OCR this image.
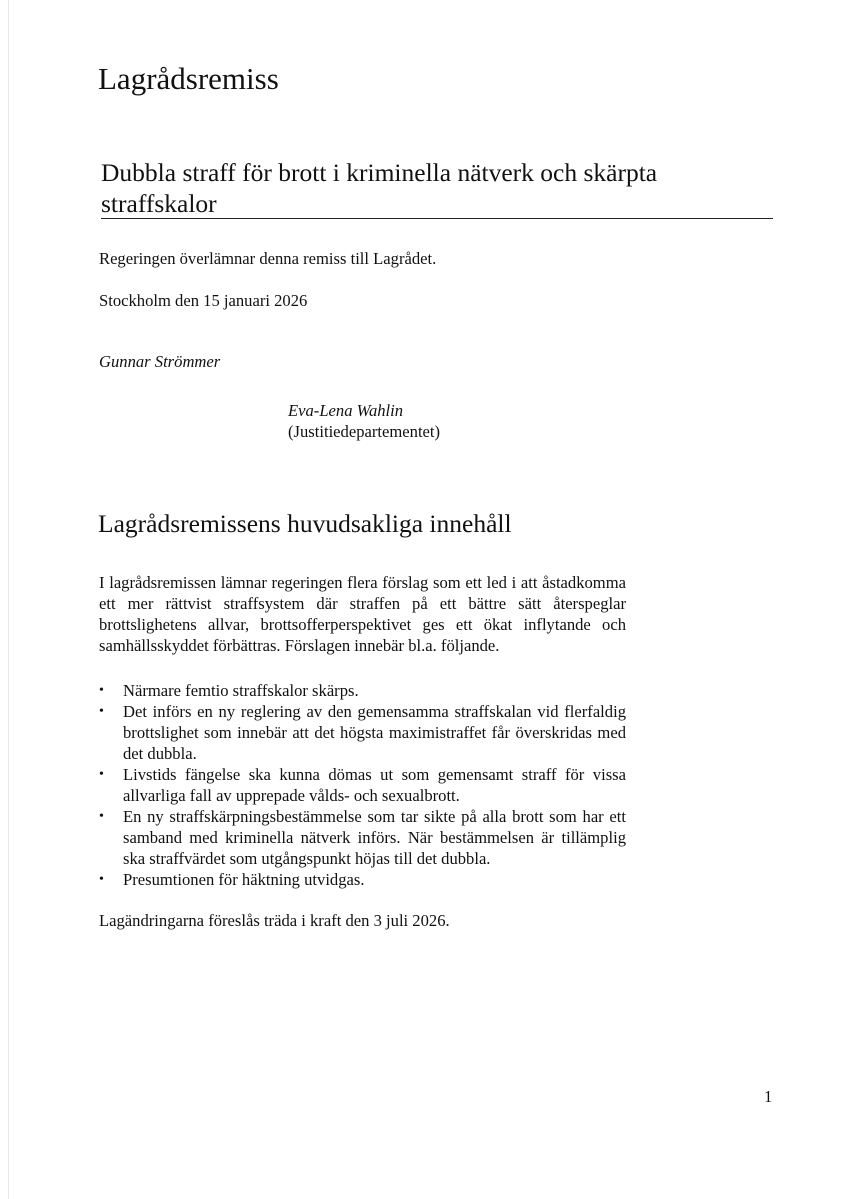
Lagrådsremiss
Dubbla straff för brott i kriminella nätverk och skärpta straffskalor
Regeringen överlämnar denna remiss till Lagrådet.
Stockholm den 15 januari 2026
Gunnar Strömmer
Eva-Lena Wahlin
(Justitiedepartementet)
Lagrådsremissens huvudsakliga innehåll
I lagrådsremissen lämnar regeringen flera förslag som ett led i att åstadkomma ett mer rättvist straffsystem där straffen på ett bättre sätt återspeglar brottslighetens allvar, brottsofferperspektivet ges ett ökat inflytande och samhällsskyddet förbättras. Förslagen innebär bl.a. följande.
•	Närmare femtio straffskalor skärps.
•	Det införs en ny reglering av den gemensamma straffskalan vid flerfaldig brottslighet som innebär att det högsta maximistraffet får överskridas med det dubbla.
•	Livstids fängelse ska kunna dömas ut som gemensamt straff för vissa allvarliga fall av upprepade vålds- och sexualbrott.
•	En ny straffskärpningsbestämmelse som tar sikte på alla brott som har ett samband med kriminella nätverk införs. När bestämmelsen är tillämplig ska straffvärdet som utgångspunkt höjas till det dubbla.
•	Presumtionen för häktning utvidgas.
Lagändringarna föreslås träda i kraft den 3 juli 2026.
1
